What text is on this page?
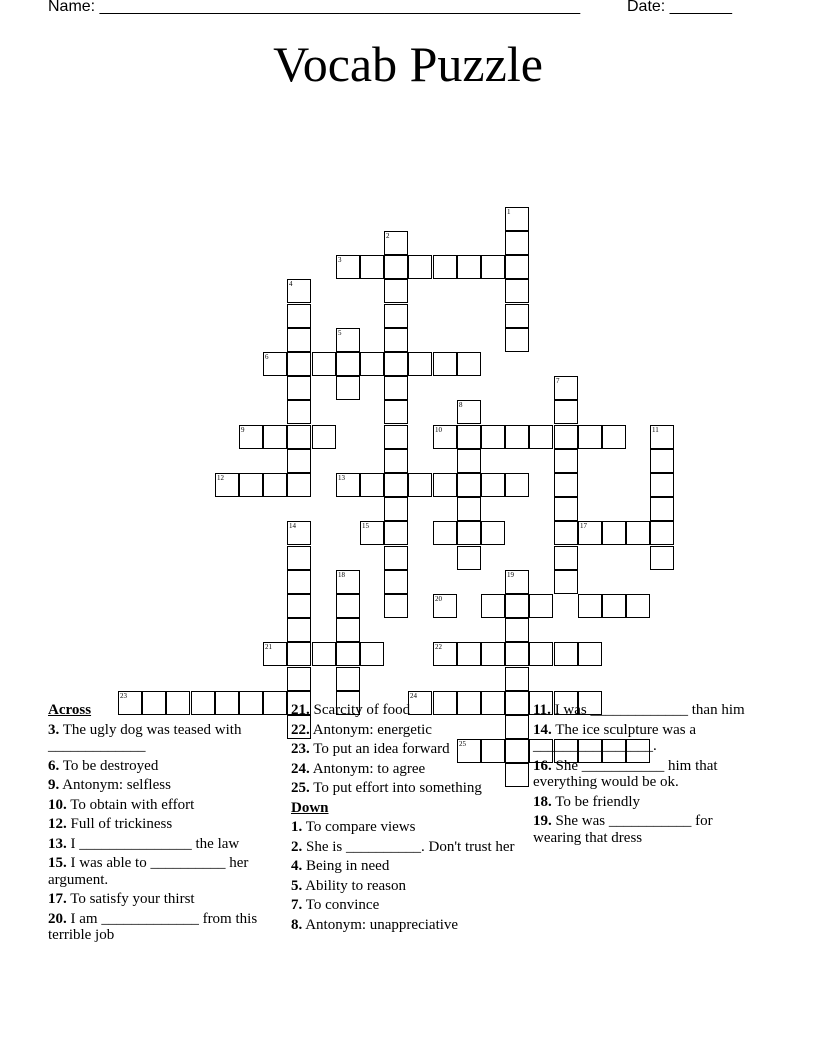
Name: ______________________________________________________	Date: _______
Vocab Puzzle
1
2
3
4
5
6
7
8
9	10	11
12	13
14	15	17
18	19
20
21	22
23	24
25
Across
3. The ugly dog was teased with _____________
6. To be destroyed
9. Antonym: selfless
10. To obtain with effort
12. Full of trickiness
13. I _______________ the law
15. I was able to __________ her argument.
17. To satisfy your thirst
20. I am _____________ from this terrible job
21. Scarcity of food
22. Antonym: energetic
23. To put an idea forward
24. Antonym: to agree
25. To put effort into something
Down
1. To compare views
2. She is __________. Don't trust her
4. Being in need
5. Ability to reason
7. To convince
8. Antonym: unappreciative
11. I was _____________ than him
14. The ice sculpture was a ________________.
16. She ___________ him that everything would be ok.
18. To be friendly
19. She was ___________ for wearing that dress
